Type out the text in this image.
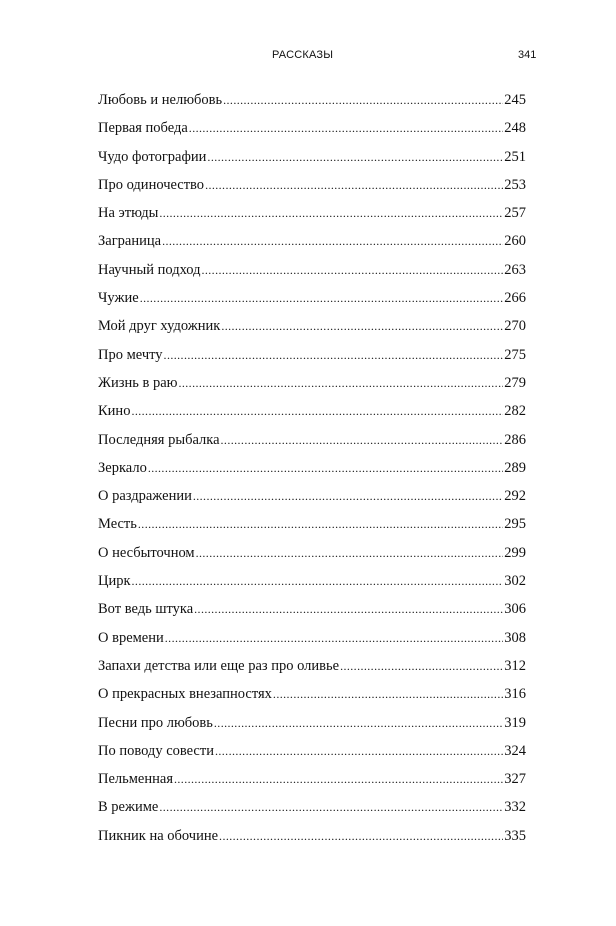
РАССКАЗЫ	341
Любовь и нелюбовь .....	245
Первая победа .....	248
Чудо фотографии .....	251
Про одиночество .....	253
На этюды .....	257
Заграница .....	260
Научный подход .....	263
Чужие .....	266
Мой друг художник .....	270
Про мечту .....	275
Жизнь в раю .....	279
Кино .....	282
Последняя рыбалка .....	286
Зеркало .....	289
О раздражении .....	292
Месть .....	295
О несбыточном .....	299
Цирк .....	302
Вот ведь штука .....	306
О времени .....	308
Запахи детства или еще раз про оливье .....	312
О прекрасных внезапностях .....	316
Песни про любовь .....	319
По поводу совести .....	324
Пельменная .....	327
В режиме .....	332
Пикник на обочине .....	335
